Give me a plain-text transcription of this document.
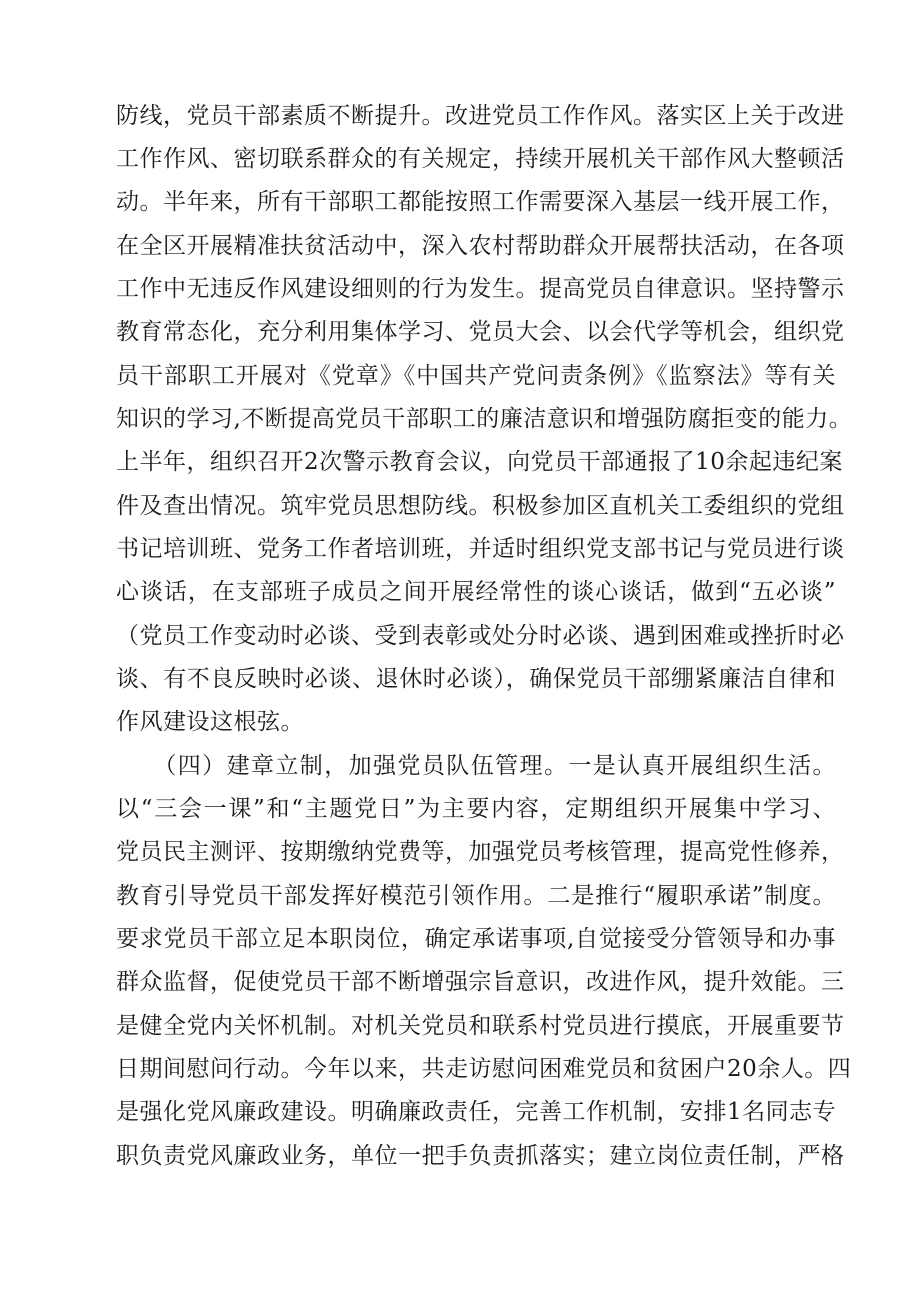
防线，党员干部素质不断提升。改进党员工作作风。落实区上关于改进
工作作风、密切联系群众的有关规定，持续开展机关干部作风大整顿活
动。半年来，所有干部职工都能按照工作需要深入基层一线开展工作，
在全区开展精准扶贫活动中，深入农村帮助群众开展帮扶活动，在各项
工作中无违反作风建设细则的行为发生。提高党员自律意识。坚持警示
教育常态化，充分利用集体学习、党员大会、以会代学等机会，组织党
员干部职工开展对《党章》《中国共产党问责条例》《监察法》等有关
知识的学习,不断提高党员干部职工的廉洁意识和增强防腐拒变的能力。
上半年，组织召开2次警示教育会议，向党员干部通报了10余起违纪案
件及查出情况。筑牢党员思想防线。积极参加区直机关工委组织的党组
书记培训班、党务工作者培训班，并适时组织党支部书记与党员进行谈
心谈话，在支部班子成员之间开展经常性的谈心谈话，做到“五必谈”
（党员工作变动时必谈、受到表彰或处分时必谈、遇到困难或挫折时必
谈、有不良反映时必谈、退休时必谈），确保党员干部绷紧廉洁自律和
作风建设这根弦。
　　（四）建章立制，加强党员队伍管理。一是认真开展组织生活。
以“三会一课”和“主题党日”为主要内容，定期组织开展集中学习、
党员民主测评、按期缴纳党费等，加强党员考核管理，提高党性修养，
教育引导党员干部发挥好模范引领作用。二是推行“履职承诺”制度。
要求党员干部立足本职岗位，确定承诺事项,自觉接受分管领导和办事
群众监督，促使党员干部不断增强宗旨意识，改进作风，提升效能。三
是健全党内关怀机制。对机关党员和联系村党员进行摸底，开展重要节
日期间慰问行动。今年以来，共走访慰问困难党员和贫困户20余人。四
是强化党风廉政建设。明确廉政责任，完善工作机制，安排1名同志专
职负责党风廉政业务，单位一把手负责抓落实；建立岗位责任制，严格
